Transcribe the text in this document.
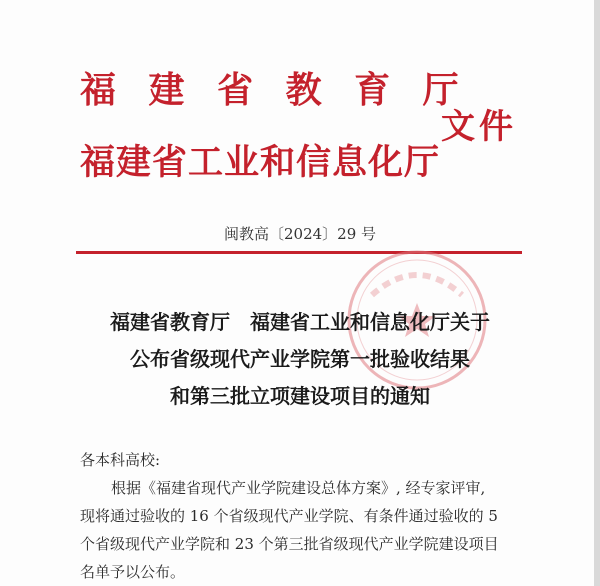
福 建 省 教 育 厅
福建省工业和信息化厅
文件
闽教高〔2024〕29 号
福建省教育厅　福建省工业和信息化厅关于
公布省级现代产业学院第一批验收结果
和第三批立项建设项目的通知
各本科高校:
根据《福建省现代产业学院建设总体方案》, 经专家评审,
现将通过验收的 16 个省级现代产业学院、有条件通过验收的 5
个省级现代产业学院和 23 个第三批省级现代产业学院建设项目
名单予以公布。
